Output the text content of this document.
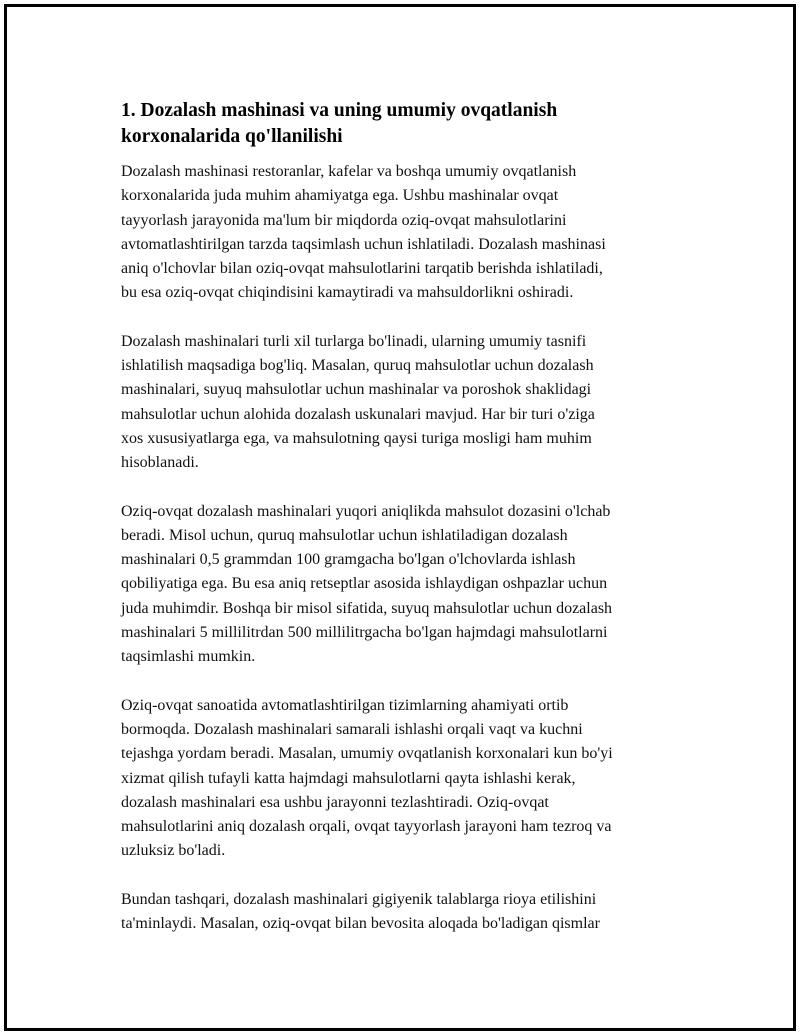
1. Dozalash mashinasi va uning umumiy ovqatlanish
korxonalarida qo'llanilishi

Dozalash mashinasi restoranlar, kafelar va boshqa umumiy ovqatlanish
korxonalarida juda muhim ahamiyatga ega. Ushbu mashinalar ovqat
tayyorlash jarayonida ma'lum bir miqdorda oziq-ovqat mahsulotlarini
avtomatlashtirilgan tarzda taqsimlash uchun ishlatiladi. Dozalash mashinasi
aniq o'lchovlar bilan oziq-ovqat mahsulotlarini tarqatib berishda ishlatiladi,
bu esa oziq-ovqat chiqindisini kamaytiradi va mahsuldorlikni oshiradi.

Dozalash mashinalari turli xil turlarga bo'linadi, ularning umumiy tasnifi
ishlatilish maqsadiga bog'liq. Masalan, quruq mahsulotlar uchun dozalash
mashinalari, suyuq mahsulotlar uchun mashinalar va poroshok shaklidagi
mahsulotlar uchun alohida dozalash uskunalari mavjud. Har bir turi o'ziga
xos xususiyatlarga ega, va mahsulotning qaysi turiga mosligi ham muhim
hisoblanadi.

Oziq-ovqat dozalash mashinalari yuqori aniqlikda mahsulot dozasini o'lchab
beradi. Misol uchun, quruq mahsulotlar uchun ishlatiladigan dozalash
mashinalari 0,5 grammdan 100 gramgacha bo'lgan o'lchovlarda ishlash
qobiliyatiga ega. Bu esa aniq retseptlar asosida ishlaydigan oshpazlar uchun
juda muhimdir. Boshqa bir misol sifatida, suyuq mahsulotlar uchun dozalash
mashinalari 5 millilitrdan 500 millilitrgacha bo'lgan hajmdagi mahsulotlarni
taqsimlashi mumkin.

Oziq-ovqat sanoatida avtomatlashtirilgan tizimlarning ahamiyati ortib
bormoqda. Dozalash mashinalari samarali ishlashi orqali vaqt va kuchni
tejashga yordam beradi. Masalan, umumiy ovqatlanish korxonalari kun bo'yi
xizmat qilish tufayli katta hajmdagi mahsulotlarni qayta ishlashi kerak,
dozalash mashinalari esa ushbu jarayonni tezlashtiradi. Oziq-ovqat
mahsulotlarini aniq dozalash orqali, ovqat tayyorlash jarayoni ham tezroq va
uzluksiz bo'ladi.

Bundan tashqari, dozalash mashinalari gigiyenik talablarga rioya etilishini
ta'minlaydi. Masalan, oziq-ovqat bilan bevosita aloqada bo'ladigan qismlar
